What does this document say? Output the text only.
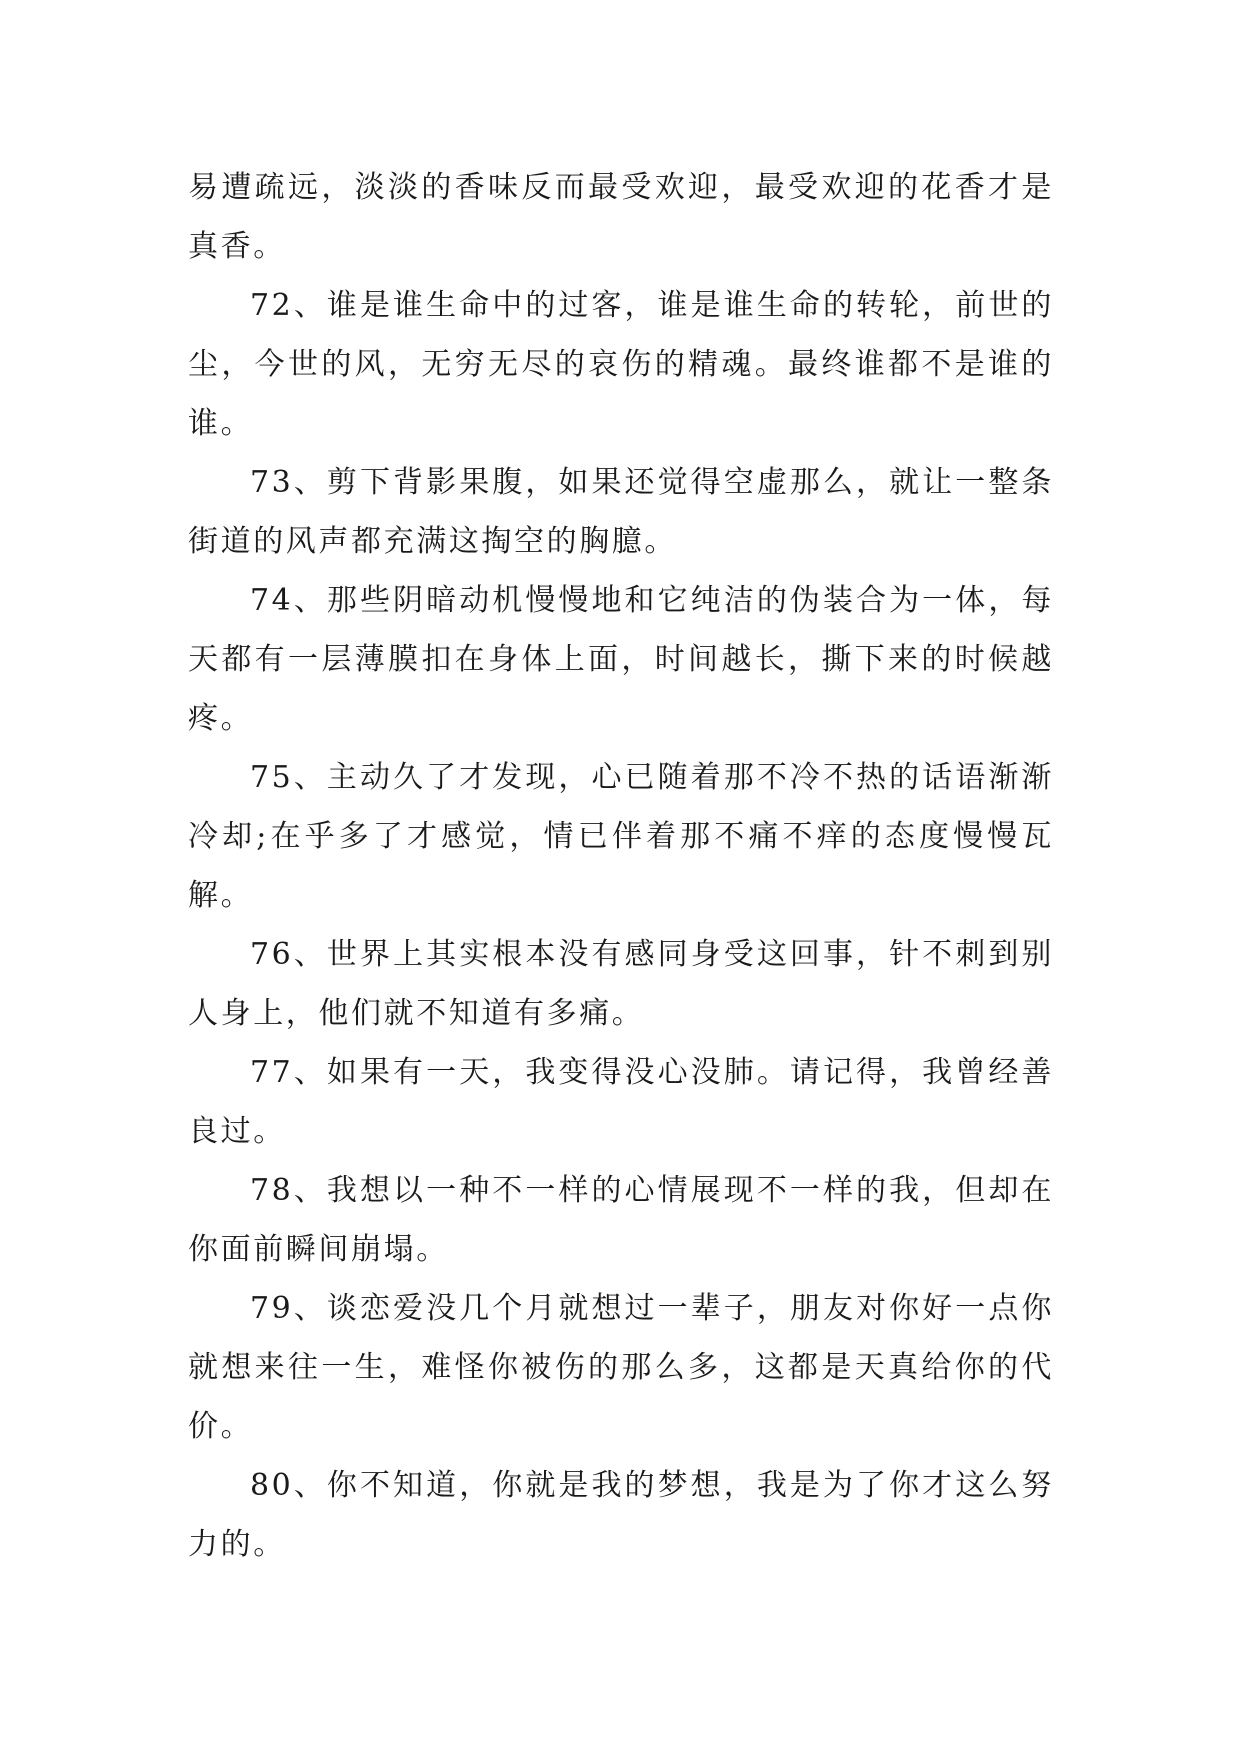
易遭疏远，淡淡的香味反而最受欢迎，最受欢迎的花香才是真香。

72、谁是谁生命中的过客，谁是谁生命的转轮，前世的尘，今世的风，无穷无尽的哀伤的精魂。最终谁都不是谁的谁。

73、剪下背影果腹，如果还觉得空虚那么，就让一整条街道的风声都充满这掏空的胸臆。

74、那些阴暗动机慢慢地和它纯洁的伪装合为一体，每天都有一层薄膜扣在身体上面，时间越长，撕下来的时候越疼。

75、主动久了才发现，心已随着那不冷不热的话语渐渐冷却;在乎多了才感觉，情已伴着那不痛不痒的态度慢慢瓦解。

76、世界上其实根本没有感同身受这回事，针不刺到别人身上，他们就不知道有多痛。

77、如果有一天，我变得没心没肺。请记得，我曾经善良过。

78、我想以一种不一样的心情展现不一样的我，但却在你面前瞬间崩塌。

79、谈恋爱没几个月就想过一辈子，朋友对你好一点你就想来往一生，难怪你被伤的那么多，这都是天真给你的代价。

80、你不知道，你就是我的梦想，我是为了你才这么努力的。
